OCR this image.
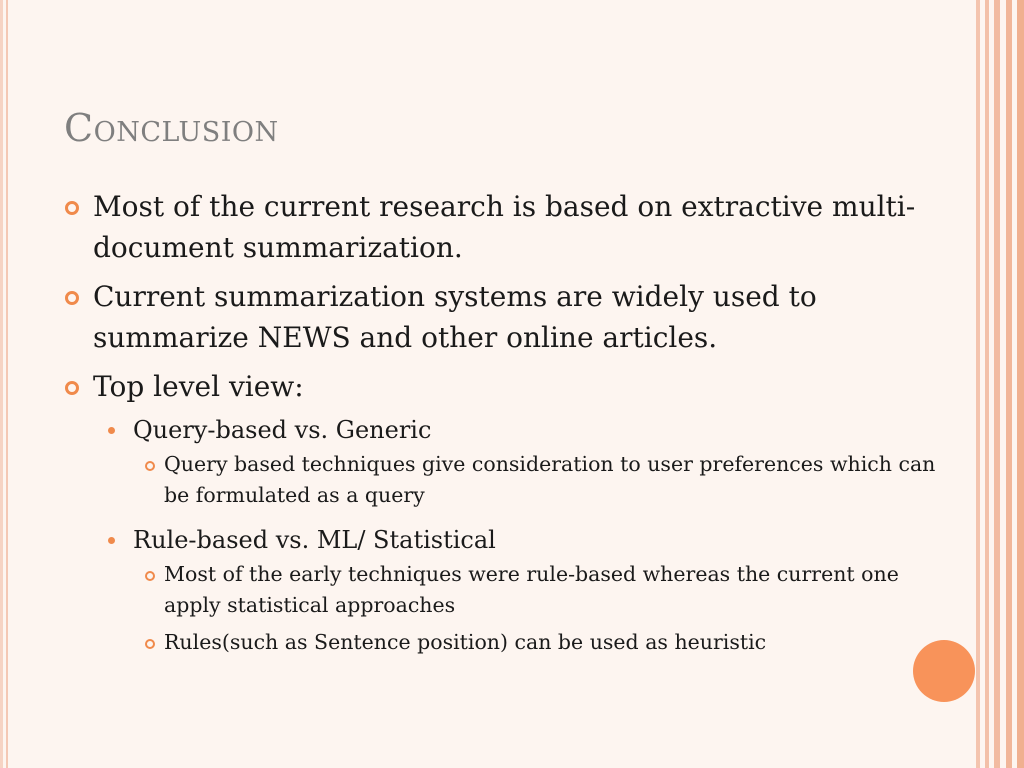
Conclusion
Most of the current research is based on extractive multi-document summarization.
Current summarization systems are widely used to summarize NEWS and other online articles.
Top level view:
Query-based vs. Generic
Query based techniques give consideration to user preferences which can be formulated as a query
Rule-based vs. ML/ Statistical
Most of the early techniques were rule-based whereas the current one apply statistical approaches
Rules(such as Sentence position) can be used as heuristic
